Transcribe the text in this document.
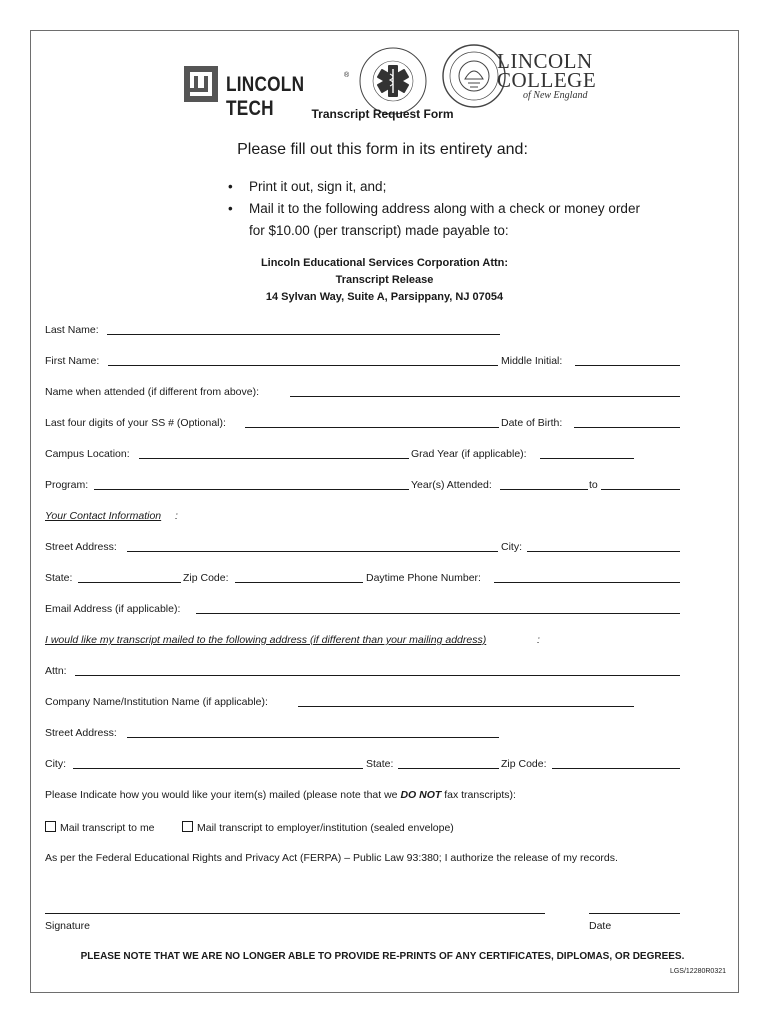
LINCOLN TECH
®
LINCOLN
COLLEGE
of New England
Transcript Request Form
Please fill out this form in its entirety and:
• Print it out, sign it, and;
• Mail it to the following address along with a check or money order
for $10.00 (per transcript) made payable to:
Lincoln Educational Services Corporation Attn:
Transcript Release
14 Sylvan Way, Suite A, Parsippany, NJ 07054
Last Name:
First Name:	Middle Initial:
Name when attended (if different from above):
Last four digits of your SS # (Optional):	Date of Birth:
Campus Location:	Grad Year (if applicable):
Program:	Year(s) Attended:	to
Your Contact Information :
Street Address:	City:
State:	Zip Code:	Daytime Phone Number:
Email Address (if applicable):
I would like my transcript mailed to the following address (if different than your mailing address)	:
Attn:
Company Name/Institution Name (if applicable):
Street Address:
City:	State:	Zip Code:
Please Indicate how you would like your item(s) mailed (please note that we DO NOT fax transcripts):
Mail transcript to me	Mail transcript to employer/institution (sealed envelope)
As per the Federal Educational Rights and Privacy Act (FERPA) – Public Law 93:380; I authorize the release of my records.
Signature	Date
PLEASE NOTE THAT WE ARE NO LONGER ABLE TO PROVIDE RE-PRINTS OF ANY CERTIFICATES, DIPLOMAS, OR DEGREES.
LGS/12280R0321
